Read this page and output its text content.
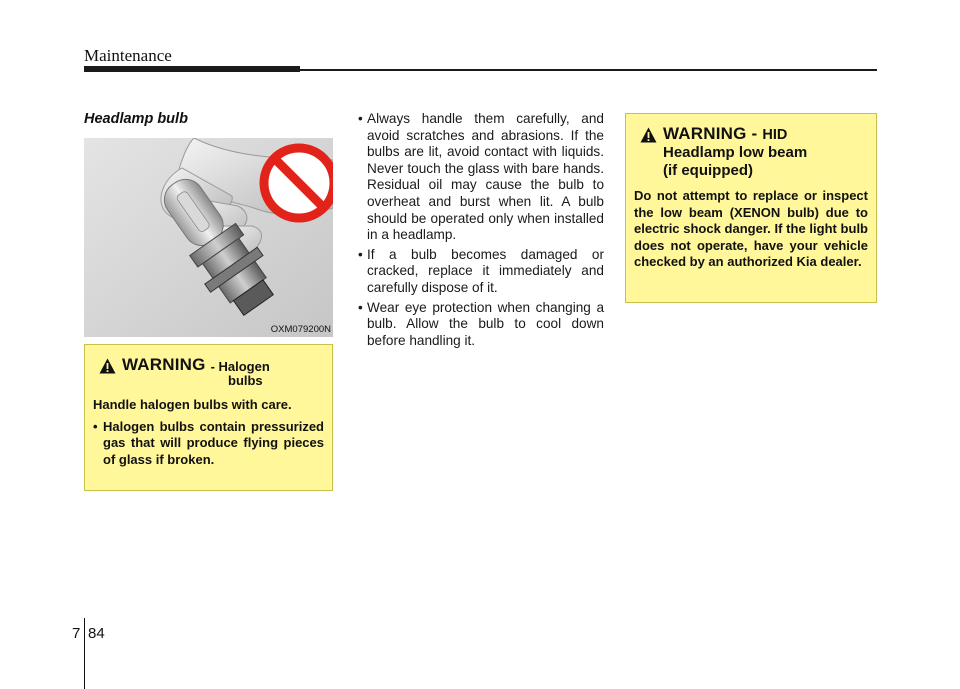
Maintenance
Headlamp bulb
OXM079200N
WARNING - Halogen
bulbs
Handle halogen bulbs with care.
• Halogen bulbs contain pressurized gas that will produce flying pieces of glass if broken.
• Always handle them carefully, and avoid scratches and abrasions. If the bulbs are lit, avoid contact with liquids. Never touch the glass with bare hands. Residual oil may cause the bulb to overheat and burst when lit. A bulb should be operated only when installed in a headlamp.
• If a bulb becomes damaged or cracked, replace it immediately and carefully dispose of it.
• Wear eye protection when changing a bulb. Allow the bulb to cool down before handling it.
WARNING - HID
Headlamp low beam
(if equipped)
Do not attempt to replace or inspect the low beam (XENON bulb) due to electric shock danger. If the light bulb does not operate, have your vehicle checked by an authorized Kia dealer.
7 84
